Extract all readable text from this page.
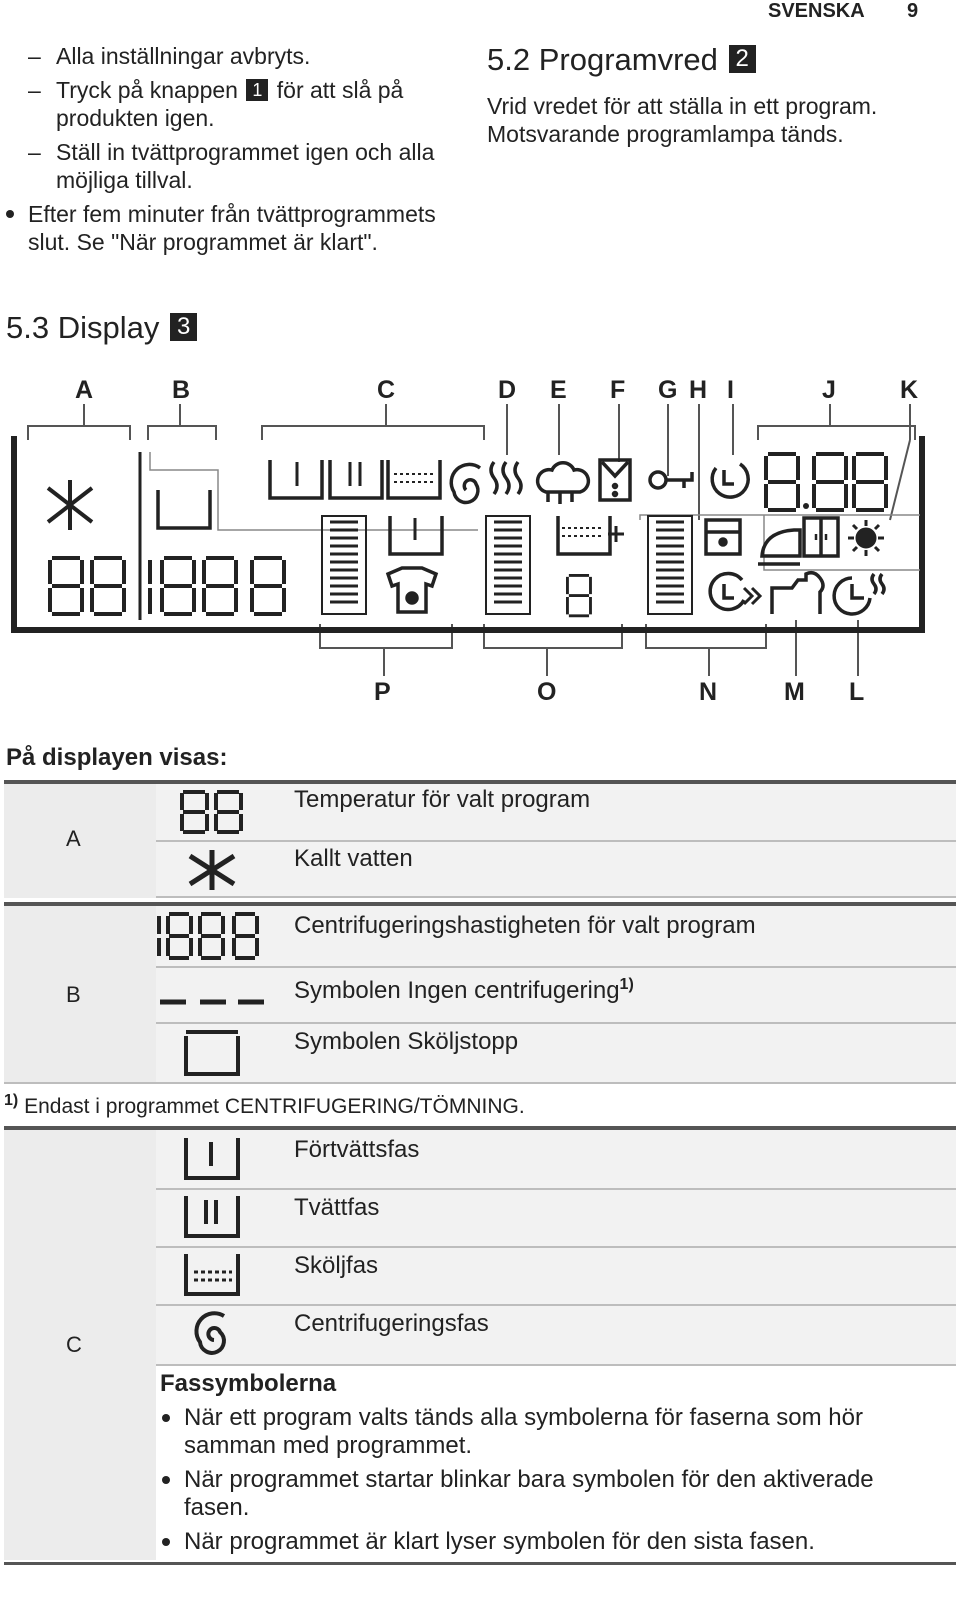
SVENSKA 9
– Alla inställningar avbryts.
– Tryck på knappen 1 för att slå på produkten igen.
– Ställ in tvättprogrammet igen och alla möjliga tillval.
Efter fem minuter från tvättprogrammets slut. Se "När programmet är klart".
5.2 Programvred 2
Vrid vredet för att ställa in ett program. Motsvarande programlampa tänds.
5.3 Display 3
A	B	C	D E F G H I	J	K
P	O	N	M L
På displayen visas:
A
Temperatur för valt program
Kallt vatten
B
Centrifugeringshastigheten för valt program
Symbolen Ingen centrifugering$^{1)}$
Symbolen Sköljstopp
$^{1)}$ Endast i programmet CENTRIFUGERING/TÖMNING.
C
Förtvättsfas
Tvättfas
Sköljfas
Centrifugeringsfas
Fassymbolerna
När ett program valts tänds alla symbolerna för faserna som hör samman med programmet.
När programmet startar blinkar bara symbolen för den aktiverade fasen.
När programmet är klart lyser symbolen för den sista fasen.
